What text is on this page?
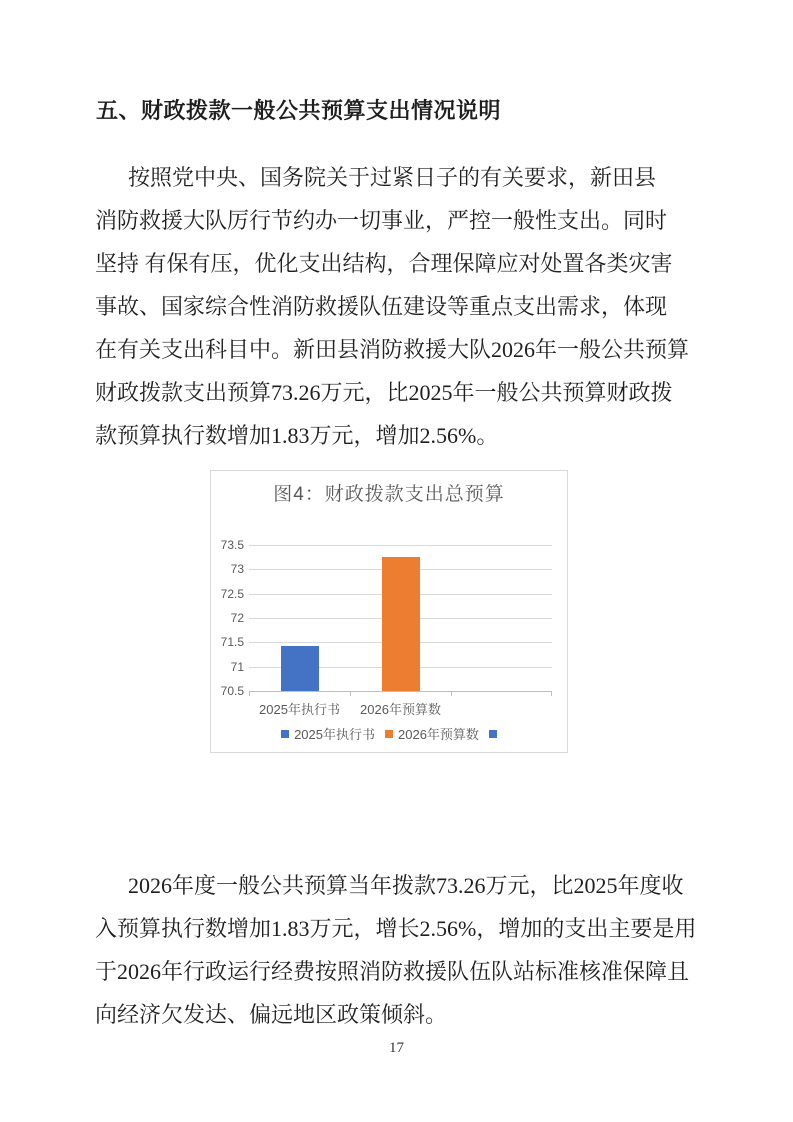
五、财政拨款一般公共预算支出情况说明
按照党中央、国务院关于过紧日子的有关要求，新田县
消防救援大队厉行节约办一切事业，严控一般性支出。同时
坚持 有保有压，优化支出结构，合理保障应对处置各类灾害
事故、国家综合性消防救援队伍建设等重点支出需求，体现
在有关支出科目中。新田县消防救援大队2026年一般公共预算
财政拨款支出预算73.26万元，比2025年一般公共预算财政拨
款预算执行数增加1.83万元，增加2.56%。
图4：财政拨款支出总预算
70.5
71
71.5
72
72.5
73
73.5
2025年执行书	2026年预算数
2025年执行书 2026年预算数
2026年度一般公共预算当年拨款73.26万元，比2025年度收
入预算执行数增加1.83万元，增长2.56%，增加的支出主要是用
于2026年行政运行经费按照消防救援队伍队站标准核准保障且
向经济欠发达、偏远地区政策倾斜。
17
